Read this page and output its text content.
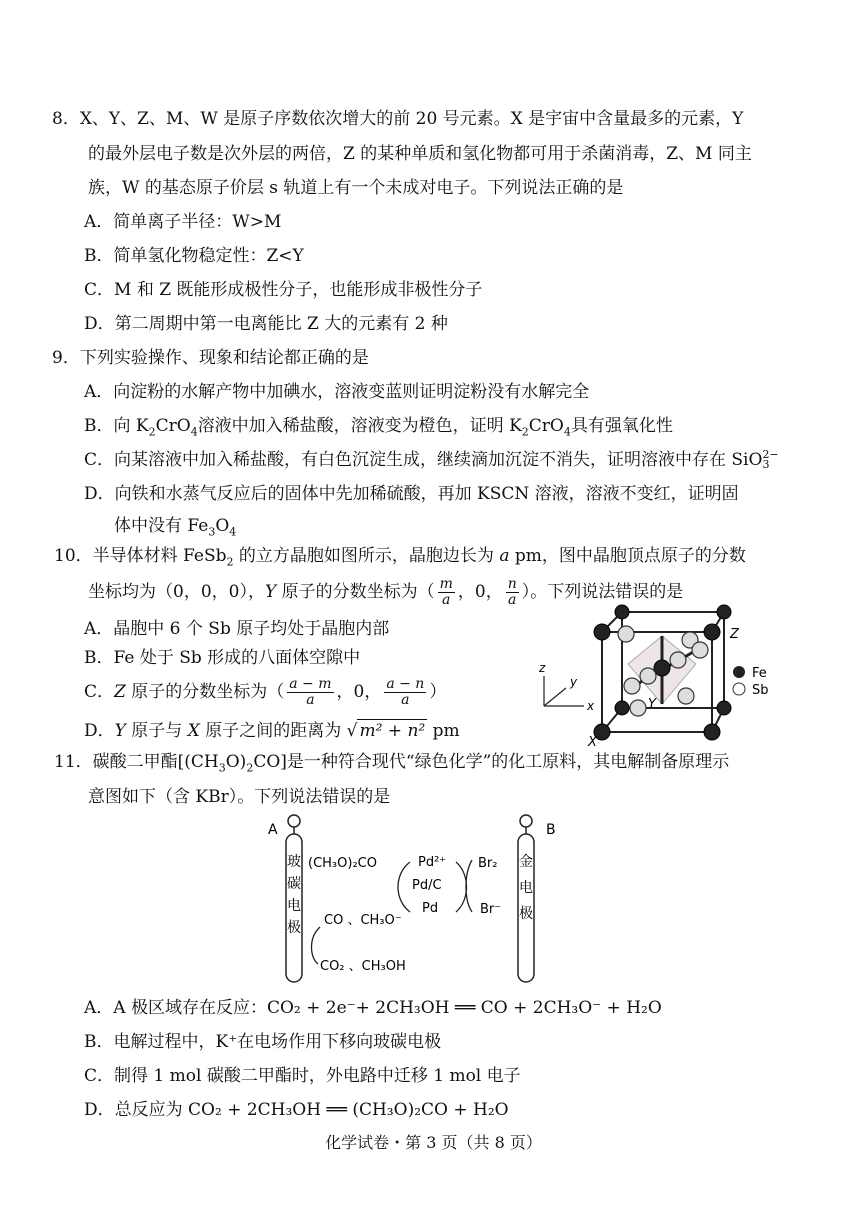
8．X、Y、Z、M、W 是原子序数依次增大的前 20 号元素。X 是宇宙中含量最多的元素，Y
的最外层电子数是次外层的两倍，Z 的某种单质和氢化物都可用于杀菌消毒，Z、M 同主
族，W 的基态原子价层 s 轨道上有一个未成对电子。下列说法正确的是
A．简单离子半径：W>M
B．简单氢化物稳定性：Z<Y
C．M 和 Z 既能形成极性分子，也能形成非极性分子
D．第二周期中第一电离能比 Z 大的元素有 2 种
9．下列实验操作、现象和结论都正确的是
A．向淀粉的水解产物中加碘水，溶液变蓝则证明淀粉没有水解完全
B．向 $K_2CrO_4$溶液中加入稀盐酸，溶液变为橙色，证明 $K_2CrO_4$具有强氧化性
C．向某溶液中加入稀盐酸，有白色沉淀生成，继续滴加沉淀不消失，证明溶液中存在 SiO 2−
3
D．向铁和水蒸气反应后的固体中先加稀硫酸，再加 KSCN 溶液，溶液不变红，证明固
体中没有 $Fe_3O_4$
10．半导体材料 FeSb$_2$ 的立方晶胞如图所示，晶胞边长为 a pm，图中晶胞顶点原子的分数
坐标均为（0，0，0），Y 原子的分数坐标为（ $\frac{m}{a}$ ，0， $\frac{n}{a}$ ）。下列说法错误的是
A．晶胞中 6 个 Sb 原子均处于晶胞内部
B．Fe 处于 Sb 形成的八面体空隙中
C．Z 原子的分数坐标为（ $\frac{a - m}{a}$ ，0， $\frac{a - n}{a}$ ）
D．Y 原子与 X 原子之间的距离为 √ m² + n² pm
Z
Y
X
x
y
z	Fe
Sb
11．碳酸二甲酯$[(CH_3O)_2CO]$是一种符合现代“绿色化学”的化工原料，其电解制备原理示
意图如下（含 KBr）。下列说法错误的是
A	B
玻
碳
电
极
金
电
极
(CH₃O)₂CO	Pd²⁺
Pd/C
Pd
Br₂
Br⁻
CO 、CH₃O⁻
CO₂ 、CH₃OH
A．A 极区域存在反应：CO₂ + 2e⁻+ 2CH₃OH ══ CO + 2CH₃O⁻ + H₂O
B．电解过程中，K⁺在电场作用下移向玻碳电极
C．制得 1 mol 碳酸二甲酯时，外电路中迁移 1 mol 电子
D．总反应为 CO₂ + 2CH₃OH ══ (CH₃O)₂CO + H₂O
化学试卷・第 3 页（共 8 页）
